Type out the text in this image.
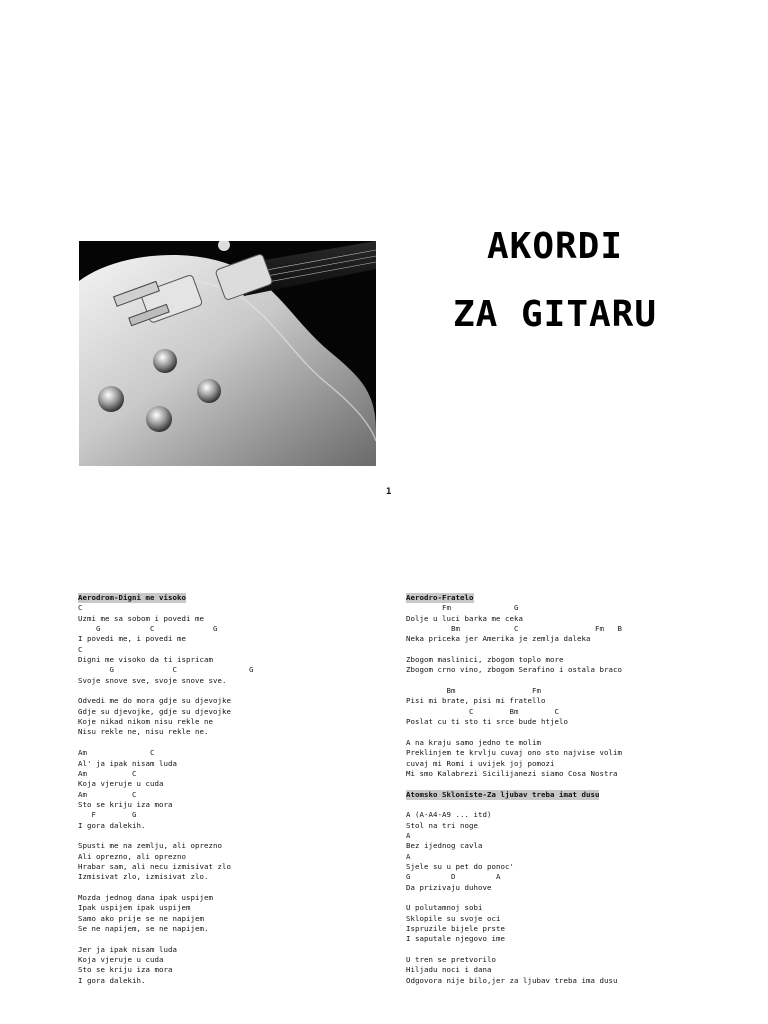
AKORDI
ZA GITARU
1
Aerodrom-Digni me visoko
C
Uzmi me sa sobom i povedi me
G           C             G
I povedi me, i povedi me
C
Digni me visoko da ti ispricam
G             C                G
Svoje snove sve, svoje snove sve.
Odvedi me do mora gdje su djevojke
Gdje su djevojke, gdje su djevojke
Koje nikad nikom nisu rekle ne
Nisu rekle ne, nisu rekle ne.
Am              C
Al' ja ipak nisam luda
Am          C
Koja vjeruje u cuda
Am          C
Sto se kriju iza mora
F        G
I gora dalekih.
Spusti me na zemlju, ali oprezno
Ali oprezno, ali oprezno
Hrabar sam, ali necu izmisivat zlo
Izmisivat zlo, izmisivat zlo.
Mozda jednog dana ipak uspijem
Ipak uspijem ipak uspijem
Samo ako prije se ne napijem
Se ne napijem, se ne napijem.
Jer ja ipak nisam luda
Koja vjeruje u cuda
Sto se kriju iza mora
I gora dalekih.
Aerodro-Fratelo
Fm              G
Dolje u luci barka me ceka
Bm            C                 Fm   B
Neka priceka jer Amerika je zemlja daleka
Zbogom maslinici, zbogom toplo more
Zbogom crno vino, zbogom Serafino i ostala braco
Bm                 Fm
Pisi mi brate, pisi mi fratello
C        Bm        C
Poslat cu ti sto ti srce bude htjelo
A na kraju samo jedno te molim
Preklinjem te krvlju cuvaj ono sto najvise volim
cuvaj mi Romi i uvijek joj pomozi
Mi smo Kalabrezi Sicilijanezi siamo Cosa Nostra
Atomsko Skloniste-Za ljubav treba imat dusu
A (A-A4-A9 ... itd)
Stol na tri noge
A
Bez ijednog cavla
A
Sjele su u pet do ponoc'
G         D         A
Da prizivaju duhove
U polutamnoj sobi
Sklopile su svoje oci
Ispruzile bijele prste
I saputale njegovo ime
U tren se pretvorilo
Hiljadu noci i dana
Odgovora nije bilo,jer za ljubav treba ima dusu
